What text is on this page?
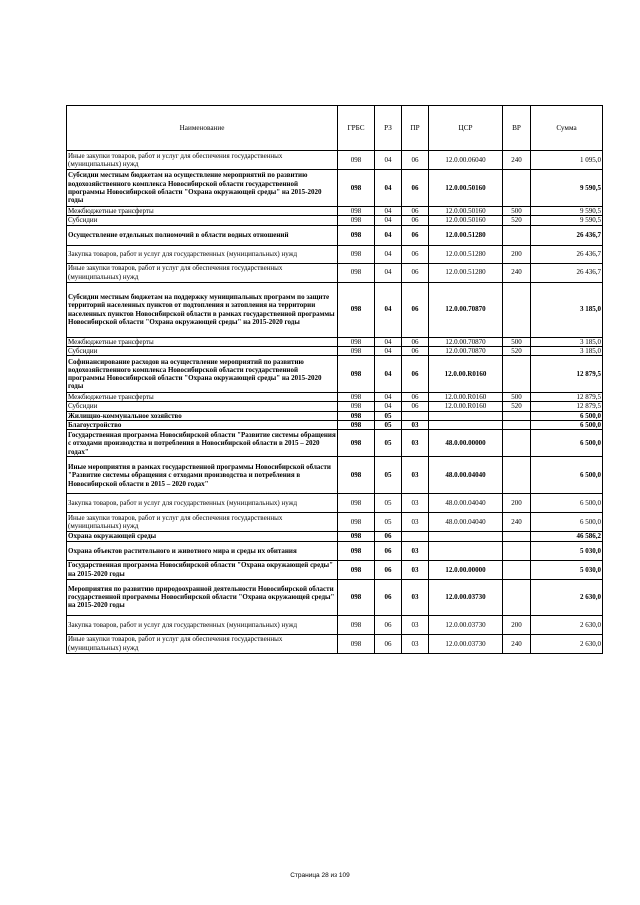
Наименование	ГРБС	РЗ	ПР	ЦСР	ВР	Сумма
Иные закупки товаров, работ и услуг для обеспечения государственных (муниципальных) нужд	098	04	06	12.0.00.06040	240	1 095,0
Субсидии местным бюджетам на осуществление мероприятий по развитию водохозяйственного комплекса Новосибирской области государственной программы Новосибирской области "Охрана окружающей среды" на 2015-2020 годы	098	04	06	12.0.00.50160		9 590,5
Межбюджетные трансферты	098	04	06	12.0.00.50160	500	9 590,5
Субсидии	098	04	06	12.0.00.50160	520	9 590,5
Осуществление отдельных полномочий в области водных отношений	098	04	06	12.0.00.51280		26 436,7
Закупка товаров, работ и услуг для государственных (муниципальных) нужд	098	04	06	12.0.00.51280	200	26 436,7
Иные закупки товаров, работ и услуг для обеспечения государственных (муниципальных) нужд	098	04	06	12.0.00.51280	240	26 436,7
Субсидии местным бюджетам на поддержку муниципальных программ по защите территорий населенных пунктов от подтопления и затопления на территории населенных пунктов Новосибирской области в рамках государственной программы Новосибирской области "Охрана окружающей среды" на 2015-2020 годы	098	04	06	12.0.00.70870		3 185,0
Межбюджетные трансферты	098	04	06	12.0.00.70870	500	3 185,0
Субсидии	098	04	06	12.0.00.70870	520	3 185,0
Софинансирование расходов на осуществление мероприятий по развитию водохозяйственного комплекса Новосибирской области государственной программы Новосибирской области "Охрана окружающей среды" на 2015-2020 годы	098	04	06	12.0.00.R0160		12 879,5
Межбюджетные трансферты	098	04	06	12.0.00.R0160	500	12 879,5
Субсидии	098	04	06	12.0.00.R0160	520	12 879,5
Жилищно-коммунальное хозяйство	098	05				6 500,0
Благоустройство	098	05	03			6 500,0
Государственная программа Новосибирской области "Развитие системы обращения с отходами производства и потребления в Новосибирской области в 2015 – 2020 годах"	098	05	03	48.0.00.00000		6 500,0
Иные мероприятия в рамках государственной программы Новосибирской области "Развитие системы обращения с отходами производства и потребления в Новосибирской области в 2015 – 2020 годах"	098	05	03	48.0.00.04040		6 500,0
Закупка товаров, работ и услуг для государственных (муниципальных) нужд	098	05	03	48.0.00.04040	200	6 500,0
Иные закупки товаров, работ и услуг для обеспечения государственных (муниципальных) нужд	098	05	03	48.0.00.04040	240	6 500,0
Охрана окружающей среды	098	06				46 586,2
Охрана объектов растительного и животного мира и среды их обитания	098	06	03			5 030,0
Государственная программа Новосибирской области "Охрана окружающей среды" на 2015-2020 годы	098	06	03	12.0.00.00000		5 030,0
Мероприятия по развитию природоохранной деятельности Новосибирской области государственной программы Новосибирской области "Охрана окружающей среды" на 2015-2020 годы	098	06	03	12.0.00.03730		2 630,0
Закупка товаров, работ и услуг для государственных (муниципальных) нужд	098	06	03	12.0.00.03730	200	2 630,0
Иные закупки товаров, работ и услуг для обеспечения государственных (муниципальных) нужд	098	06	03	12.0.00.03730	240	2 630,0
Страница 28 из 109
